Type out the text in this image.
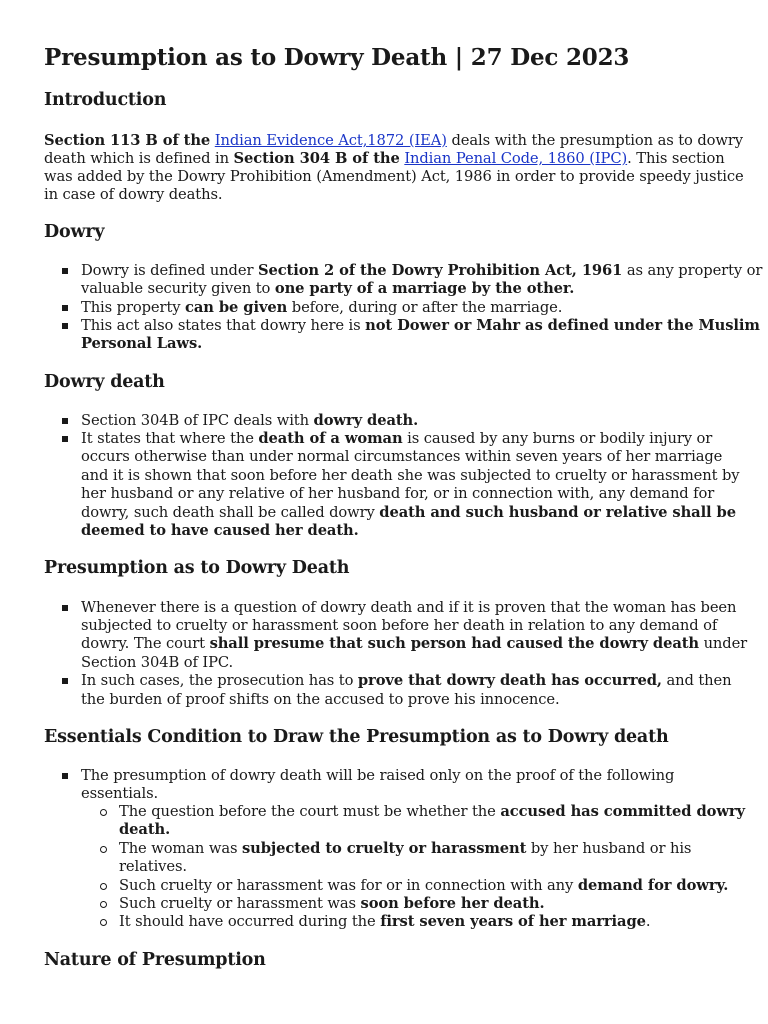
Presumption as to Dowry Death | 27 Dec 2023
Introduction
Section 113 B of the Indian Evidence Act,1872 (IEA) deals with the presumption as to dowry
death which is defined in Section 304 B of the Indian Penal Code, 1860 (IPC). This section
was added by the Dowry Prohibition (Amendment) Act, 1986 in order to provide speedy justice
in case of dowry deaths.
Dowry
Dowry is defined under Section 2 of the Dowry Prohibition Act, 1961 as any property or
valuable security given to one party of a marriage by the other.
This property can be given before, during or after the marriage.
This act also states that dowry here is not Dower or Mahr as defined under the Muslim
Personal Laws.
Dowry death
Section 304B of IPC deals with dowry death.
It states that where the death of a woman is caused by any burns or bodily injury or
occurs otherwise than under normal circumstances within seven years of her marriage
and it is shown that soon before her death she was subjected to cruelty or harassment by
her husband or any relative of her husband for, or in connection with, any demand for
dowry, such death shall be called dowry death and such husband or relative shall be
deemed to have caused her death.
Presumption as to Dowry Death
Whenever there is a question of dowry death and if it is proven that the woman has been
subjected to cruelty or harassment soon before her death in relation to any demand of
dowry. The court shall presume that such person had caused the dowry death under
Section 304B of IPC.
In such cases, the prosecution has to prove that dowry death has occurred, and then
the burden of proof shifts on the accused to prove his innocence.
Essentials Condition to Draw the Presumption as to Dowry death
The presumption of dowry death will be raised only on the proof of the following
essentials.
The question before the court must be whether the accused has committed dowry
death.
The woman was subjected to cruelty or harassment by her husband or his
relatives.
Such cruelty or harassment was for or in connection with any demand for dowry.
Such cruelty or harassment was soon before her death.
It should have occurred during the first seven years of her marriage.
Nature of Presumption
